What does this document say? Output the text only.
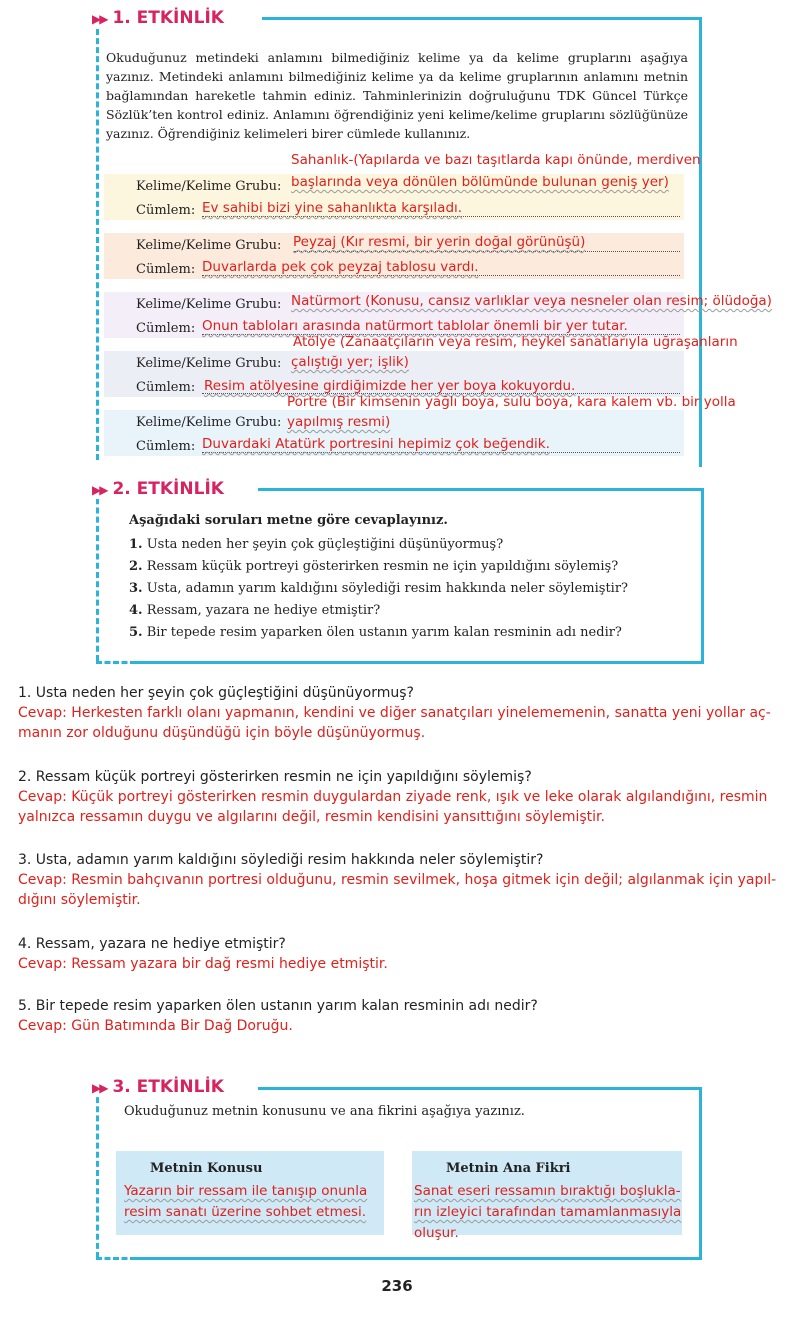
▶▶ 1. ETKİNLİK
Okuduğunuz metindeki anlamını bilmediğiniz kelime ya da kelime gruplarını aşağıya yazınız. Metindeki anlamını bilmediğiniz kelime ya da kelime gruplarının anlamını metnin bağlamından hareketle tahmin ediniz. Tahminlerinizin doğruluğunu TDK Güncel Türkçe Sözlük’ten kontrol ediniz. Anlamını öğrendiğiniz yeni kelime/kelime gruplarını sözlüğünüze yazınız. Öğrendiğiniz kelimeleri birer cümlede kullanınız.
Kelime/Kelime Grubu:
Cümlem:
Sahanlık-(Yapılarda ve bazı taşıtlarda kapı önünde, merdiven
başlarında veya dönülen bölümünde bulunan geniş yer)
Ev sahibi bizi yine sahanlıkta karşıladı.
Kelime/Kelime Grubu:
Cümlem:
Peyzaj (Kır resmi, bir yerin doğal görünüşü)
Duvarlarda pek çok peyzaj tablosu vardı.
Kelime/Kelime Grubu:
Cümlem:
Natürmort (Konusu, cansız varlıklar veya nesneler olan resim; ölüdoğa)
Onun tabloları arasında natürmort tablolar önemli bir yer tutar.
Kelime/Kelime Grubu:
Cümlem:
Atölye (Zanaatçıların veya resim, heykel sanatlarıyla uğraşanların
çalıştığı yer; işlik)
Resim atölyesine girdiğimizde her yer boya kokuyordu.
Kelime/Kelime Grubu:
Cümlem:
Portre (Bir kimsenin yağlı boya, sulu boya, kara kalem vb. bir yolla
yapılmış resmi)
Duvardaki Atatürk portresini hepimiz çok beğendik.
▶▶ 2. ETKİNLİK
Aşağıdaki soruları metne göre cevaplayınız.
1. Usta neden her şeyin çok güçleştiğini düşünüyormuş?
2. Ressam küçük portreyi gösterirken resmin ne için yapıldığını söylemiş?
3. Usta, adamın yarım kaldığını söylediği resim hakkında neler söylemiştir?
4. Ressam, yazara ne hediye etmiştir?
5. Bir tepede resim yaparken ölen ustanın yarım kalan resminin adı nedir?
1. Usta neden her şeyin çok güçleştiğini düşünüyormuş?
Cevap: Herkesten farklı olanı yapmanın, kendini ve diğer sanatçıları yinelememenin, sanatta yeni yollar aç-
manın zor olduğunu düşündüğü için böyle düşünüyormuş.
2. Ressam küçük portreyi gösterirken resmin ne için yapıldığını söylemiş?
Cevap: Küçük portreyi gösterirken resmin duygulardan ziyade renk, ışık ve leke olarak algılandığını, resmin
yalnızca ressamın duygu ve algılarını değil, resmin kendisini yansıttığını söylemiştir.
3. Usta, adamın yarım kaldığını söylediği resim hakkında neler söylemiştir?
Cevap: Resmin bahçıvanın portresi olduğunu, resmin sevilmek, hoşa gitmek için değil; algılanmak için yapıl-
dığını söylemiştir.
4. Ressam, yazara ne hediye etmiştir?
Cevap: Ressam yazara bir dağ resmi hediye etmiştir.
5. Bir tepede resim yaparken ölen ustanın yarım kalan resminin adı nedir?
Cevap: Gün Batımında Bir Dağ Doruğu.
▶▶ 3. ETKİNLİK
Okuduğunuz metnin konusunu ve ana fikrini aşağıya yazınız.
Metnin Konusu
Yazarın bir ressam ile tanışıp onunla
resim sanatı üzerine sohbet etmesi.
Metnin Ana Fikri
Sanat eseri ressamın bıraktığı boşlukla-
rın izleyici tarafından tamamlanmasıyla
oluşur.
236
